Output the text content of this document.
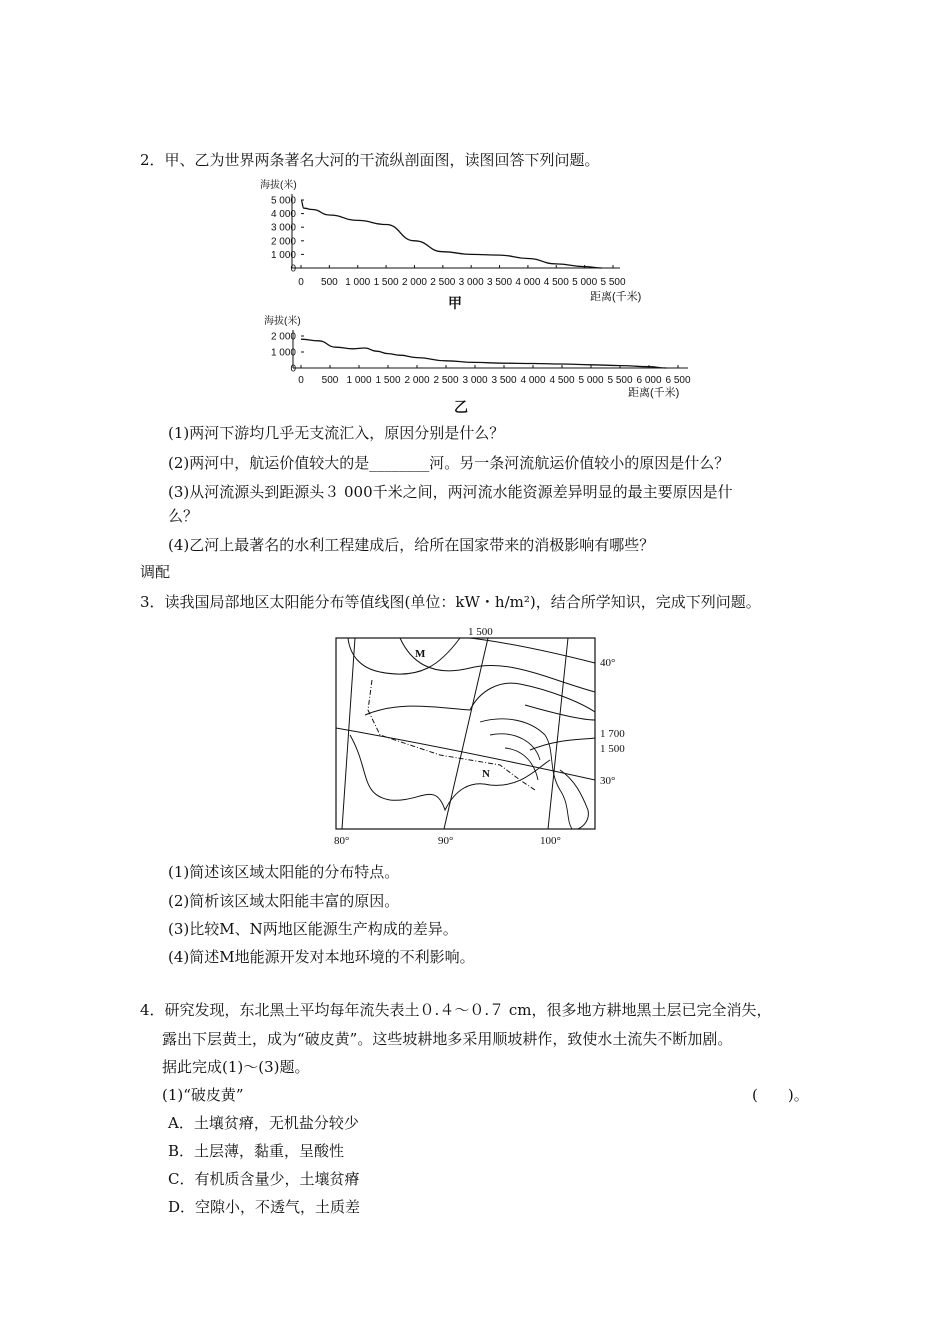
2．甲、乙为世界两条著名大河的干流纵剖面图，读图回答下列问题。
海拔(米)
5 000
4 000
3 000
2 000
1 000
0
0 500 1 000 1 500 2 000 2 500 3 000 3 500 4 000 4 500 5 000 5 500
距离(千米)
甲
海拔(米)
2 000
1 000
0
0 500 1 000 1 500 2 000 2 500 3 000 3 500 4 000 4 500 5 000 5 500 6 000 6 500
距离(千米)
乙
(1)两河下游均几乎无支流汇入，原因分别是什么？
(2)两河中，航运价值较大的是________河。另一条河流航运价值较小的原因是什么？
(3)从河流源头到距源头３ 000千米之间，两河流水能资源差异明显的最主要原因是什
么？
(4)乙河上最著名的水利工程建成后，给所在国家带来的消极影响有哪些？
调配
3．读我国局部地区太阳能分布等值线图(单位：kW・h/m²)，结合所学知识，完成下列问题。
1 500
40°
1 700
1 500
30°
80°	90°	100°
M
N
(1)简述该区域太阳能的分布特点。
(2)简析该区域太阳能丰富的原因。
(3)比较M、N两地区能源生产构成的差异。
(4)简述M地能源开发对本地环境的不利影响。
4．研究发现，东北黑土平均每年流失表土０.４～０.７ cm，很多地方耕地黑土层已完全消失，
露出下层黄土，成为“破皮黄”。这些坡耕地多采用顺坡耕作，致使水土流失不断加剧。
据此完成(1)～(3)题。
(1)“破皮黄”	(　　)。
A．土壤贫瘠，无机盐分较少
B．土层薄，黏重，呈酸性
C．有机质含量少，土壤贫瘠
D．空隙小，不透气，土质差
